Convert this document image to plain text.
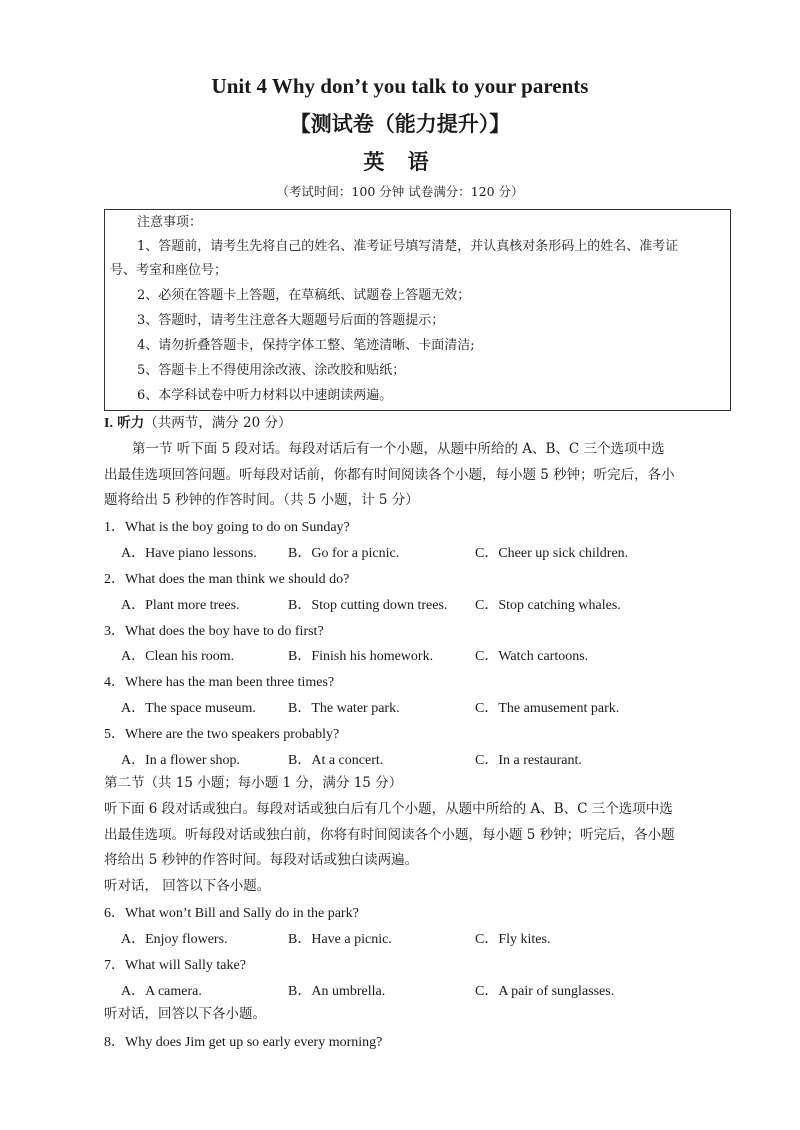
Unit 4 Why don’t you talk to your parents
【测试卷（能力提升）】
英 语
（考试时间：100 分钟 试卷满分：120 分）
注意事项：
1、答题前，请考生先将自己的姓名、准考证号填写清楚，并认真核对条形码上的姓名、准考证
号、考室和座位号；
2、必须在答题卡上答题，在草稿纸、试题卷上答题无效；
3、答题时，请考生注意各大题题号后面的答题提示；
4、请勿折叠答题卡，保持字体工整、笔迹清晰、卡面清洁;
5、答题卡上不得使用涂改液、涂改胶和贴纸；
6、本学科试卷中听力材料以中速朗读两遍。
I. 听力（共两节，满分 20 分）
第一节 听下面 5 段对话。每段对话后有一个小题，从题中所给的 A、B、C 三个选项中选
出最佳选项回答问题。听每段对话前，你都有时间阅读各个小题，每小题 5 秒钟；听完后，各小
题将给出 5 秒钟的作答时间。（共 5 小题，计 5 分）
1．What is the boy going to do on Sunday?
A．Have piano lessons. B．Go for a picnic.	C．Cheer up sick children.
2．What does the man think we should do?
A．Plant more trees.	B．Stop cutting down trees. C．Stop catching whales.
3．What does the boy have to do first?
A．Clean his room.	B．Finish his homework.	C．Watch cartoons.
4．Where has the man been three times?
A．The space museum. B．The water park.	C．The amusement park.
5．Where are the two speakers probably?
A．In a flower shop.	B．At a concert.	C．In a restaurant.
第二节（共 15 小题；每小题 1 分，满分 15 分）
听下面 6 段对话或独白。每段对话或独白后有几个小题，从题中所给的 A、B、C 三个选项中选
出最佳选项。听每段对话或独白前，你将有时间阅读各个小题，每小题 5 秒钟；听完后，各小题
将给出 5 秒钟的作答时间。每段对话或独白读两遍。
听对话， 回答以下各小题。
6．What won’t Bill and Sally do in the park?
A．Enjoy flowers.	B．Have a picnic.	C．Fly kites.
7．What will Sally take?
A．A camera.	B．An umbrella.	C．A pair of sunglasses.
听对话，回答以下各小题。
8．Why does Jim get up so early every morning?
